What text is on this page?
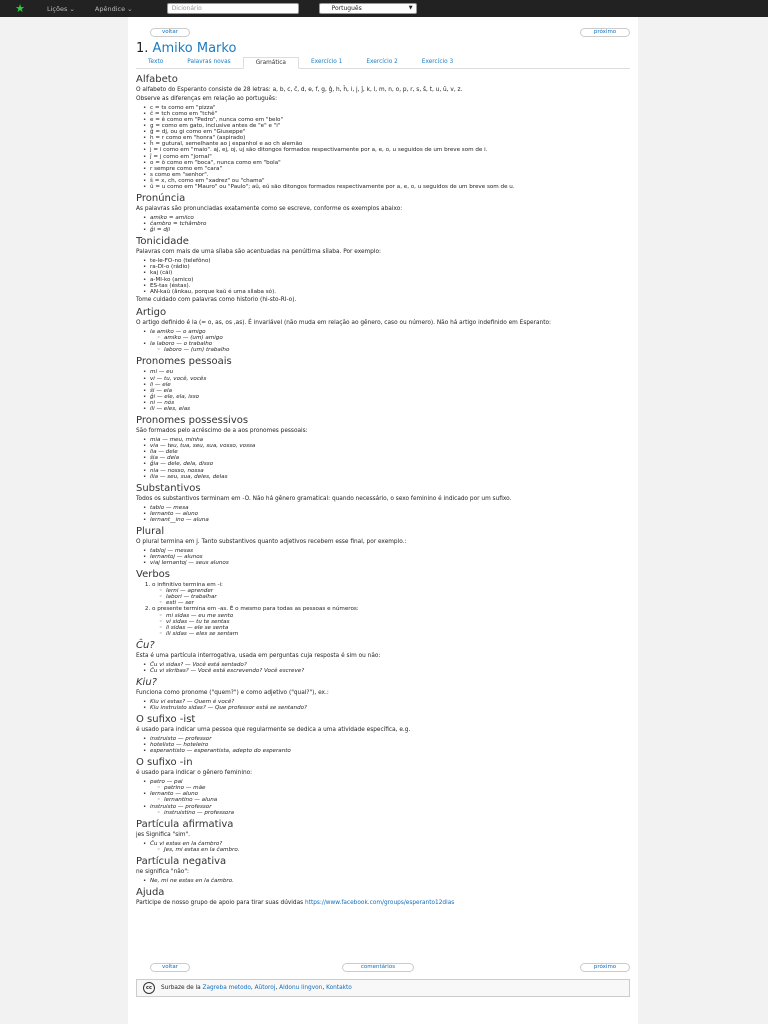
★	Lições ⌄	Apêndice ⌄	Dicionário	Português	▼
voltar	próximo
1. Amiko Marko
Texto	Palavras novas	Gramática	Exercício 1	Exercício 2	Exercício 3
Alfabeto

O alfabeto do Esperanto consiste de 28 letras: a, b, c, ĉ, d, e, f, g, ĝ, h, ĥ, i, j, ĵ, k, l, m, n, o, p, r, s, ŝ, t, u, ŭ, v, z.

Observe as diferenças em relação ao português:

• c = ts como em "pizza"
• ĉ = tch como em "tchê"
• e = ê como em "Pedro", nunca como em "belo"
• g = como em gato, inclusive antes de "e" e "i"
• ĝ = dj, ou gi como em "Giuseppe"
• h = r como em "honra" (aspirado)
• ĥ = gutural, semelhante ao j espanhol e ao ch alemão
• j = i como em "maio". aj, ej, oj, uj são ditongos formados respectivamente por a, e, o, u seguidos de um breve som de i.
• ĵ = j como em "jornal"
• o = ô como em "boca", nunca como em "bola"
• r sempre como em "cara"
• s como em "senhor".
• ŝ = x, ch, como em "xadrez" ou "chama"
• ŭ = u como em "Mauro" ou "Paulo"; aŭ, eŭ são ditongos formados respectivamente por a, e, o, u seguidos de um breve som de u.
Pronúncia

As palavras são pronunciadas exatamente como se escreve, conforme os exemplos abaixo:

• amiko = amiico
• ĉambro = tchâmbro
• ĝi = dji
Tonicidade

Palavras com mais de uma sílaba são acentuadas na penúltima sílaba. Por exemplo:

• te-le-FO-no (telefôno)
• ra-DI-o (rádio)
• kaj (cái)
• a-MI-ko (amico)
• ES-tas (éstas).
• AN-kaŭ (ânkau, porque kaŭ é uma sílaba só).

Tome cuidado com palavras como historio (hi-sto-RI-o).

Artigo

O artigo definido é la (= o, as, os ,as). É invariável (não muda em relação ao gênero, caso ou número). Não há artigo indefinido em Esperanto:

• la amiko — o amigo
◦ amiko — (um) amigo
• la laboro — o trabalho
◦ laboro — (um) trabalho
Pronomes pessoais
• mi — eu
• vi — tu, você, vocês
• li — ele
• ŝi — ela
• ĝi — ele, ela, isso
• ni — nós
• ili — eles, elas
Pronomes possessivos

São formados pelo acréscimo de a aos pronomes pessoais:

• mia — meu, minha
• via — teu, tua, seu, sua, vosso, vossa
• lia — dele
• ŝia — dela
• ĝia — dele, dela, disso
• nia — nosso, nossa
• ilia — seu, sua, deles, delas
Substantivos

Todos os substantivos terminam em -O. Não há gênero gramatical: quando necessário, o sexo feminino é indicado por um sufixo.

• tablo — mesa
• lernanto — aluno
• lernant__ino — aluna
Plural

O plural termina em j. Tanto substantivos quanto adjetivos recebem esse final, por exemplo.:

• tabloj — mesas
• lernantoj — alunos
• viaj lernantoj — seus alunos
Verbos
1. o infinitivo termina em -i:
◦ lerni — aprender
◦ labori — trabalhar
◦ esti — ser
2. o presente termina em -as. É o mesmo para todas as pessoas e números:
◦ mi sidas — eu me sento
◦ vi sidas — tu te sentas
◦ li sidas — ele se senta
◦ ili sidas — eles se sentam
Ĉu?

Esta é uma partícula interrogativa, usada em perguntas cuja resposta é sim ou não:

• Ĉu vi sidas? — Você está sentado?
• Ĉu vi skribas? — Você está escrevendo? Você escreve?
Kiu?

Funciona como pronome ("quem?") e como adjetivo ("qual?"), ex.:

• Kiu vi estas? — Quem é você?
• Kiu instruisto sidas? — Que professor está se sentando?
O sufixo -ist

é usado para indicar uma pessoa que regularmente se dedica a uma atividade específica, e.g.

• instruisto — professor
• hotelisto — hoteleiro
• esperantisto — esperantista, adepto do esperanto
O sufixo -in

é usado para indicar o gênero feminino:

• patro — pai
◦ patrino — mãe
• lernanto — aluno
◦ lernantino — aluna
• instruisto — professor
◦ instruistino — professora
Partícula afirmativa

jes Significa "sim".

• Ĉu vi estas en la ĉambro?
◦ Jes, mi estas en la ĉambro.
Partícula negativa

ne significa "não":

• Ne, mi ne estas en la ĉambro.
Ajuda

Participe de nosso grupo de apoio para tirar suas dúvidas https://www.facebook.com/groups/esperanto12dias

voltar	comentários	próximo
cc	Surbaze de la
Zagreba metodo , Aŭtoroj , Aldonu lingvon , Kontakto
